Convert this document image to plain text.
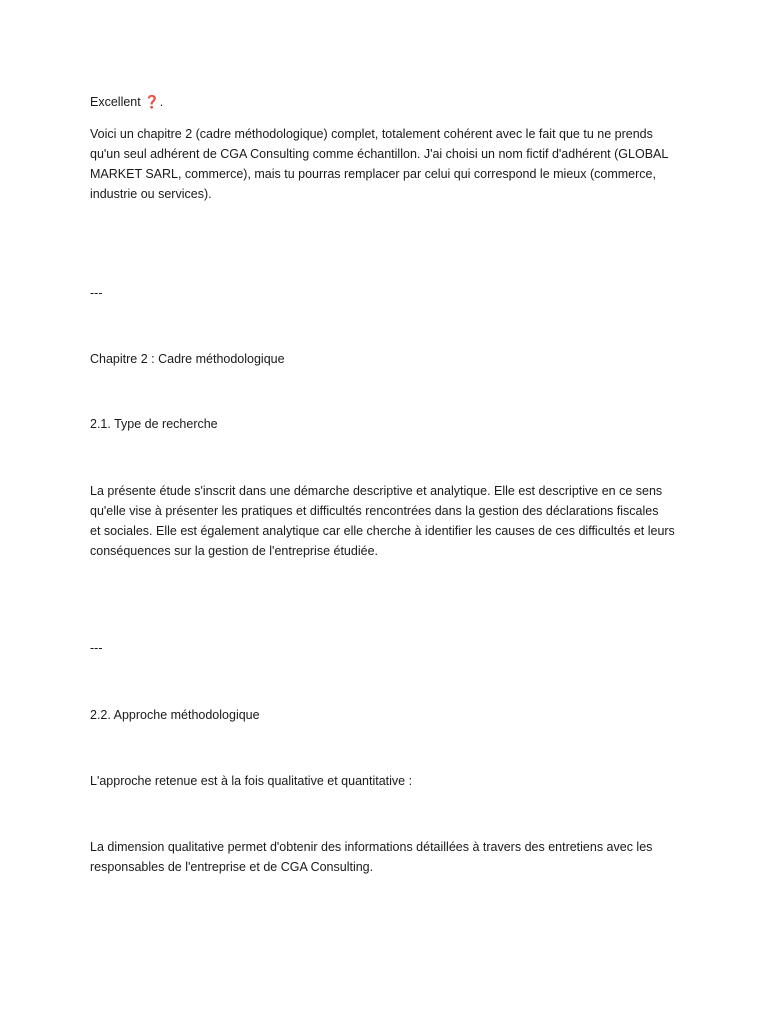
Excellent ❓.

Voici un chapitre 2 (cadre méthodologique) complet, totalement cohérent avec le fait que tu ne prends
qu'un seul adhérent de CGA Consulting comme échantillon. J'ai choisi un nom fictif d'adhérent (GLOBAL
MARKET SARL, commerce), mais tu pourras remplacer par celui qui correspond le mieux (commerce,
industrie ou services).

---

Chapitre 2 : Cadre méthodologique

2.1. Type de recherche

La présente étude s'inscrit dans une démarche descriptive et analytique. Elle est descriptive en ce sens
qu'elle vise à présenter les pratiques et difficultés rencontrées dans la gestion des déclarations fiscales
et sociales. Elle est également analytique car elle cherche à identifier les causes de ces difficultés et leurs
conséquences sur la gestion de l'entreprise étudiée.

---

2.2. Approche méthodologique

L'approche retenue est à la fois qualitative et quantitative :

La dimension qualitative permet d'obtenir des informations détaillées à travers des entretiens avec les
responsables de l'entreprise et de CGA Consulting.
